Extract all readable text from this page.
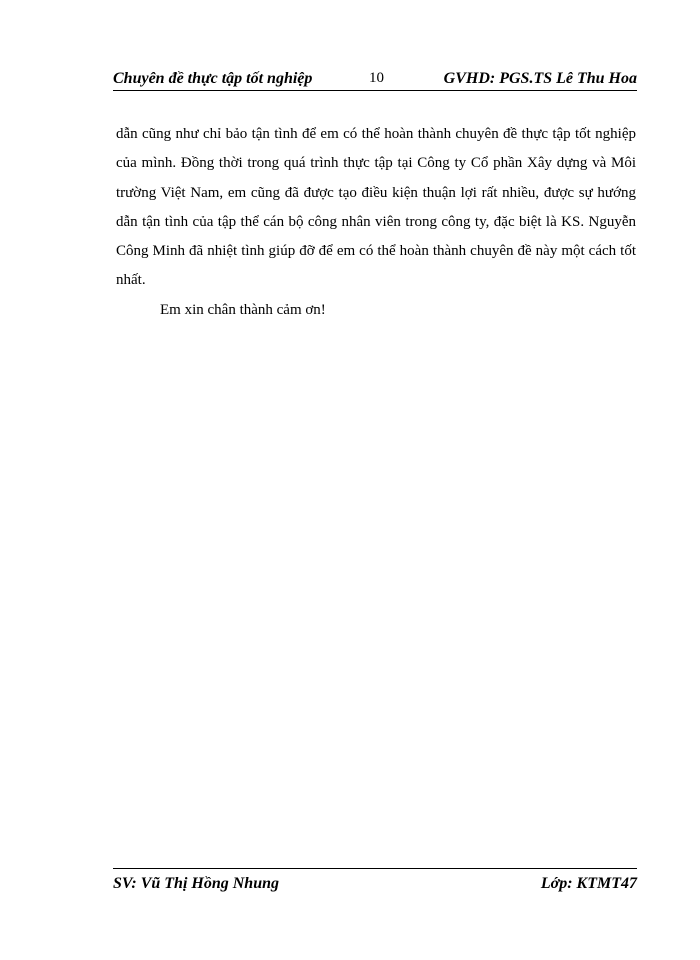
Chuyên đề thực tập tốt nghiệp	10	GVHD: PGS.TS Lê Thu Hoa

dẫn cũng như chỉ bảo tận tình để em có thể hoàn thành chuyên đề thực tập tốt nghiệp của mình. Đồng thời trong quá trình thực tập tại Công ty Cổ phần Xây dựng và Môi trường Việt Nam, em cũng đã được tạo điều kiện thuận lợi rất nhiều, được sự hướng dẫn tận tình của tập thể cán bộ công nhân viên trong công ty, đặc biệt là KS. Nguyễn Công Minh đã nhiệt tình giúp đỡ để em có thể hoàn thành chuyên đề này một cách tốt nhất.

Em xin chân thành cảm ơn!

SV: Vũ Thị Hồng Nhung	Lớp: KTMT47
